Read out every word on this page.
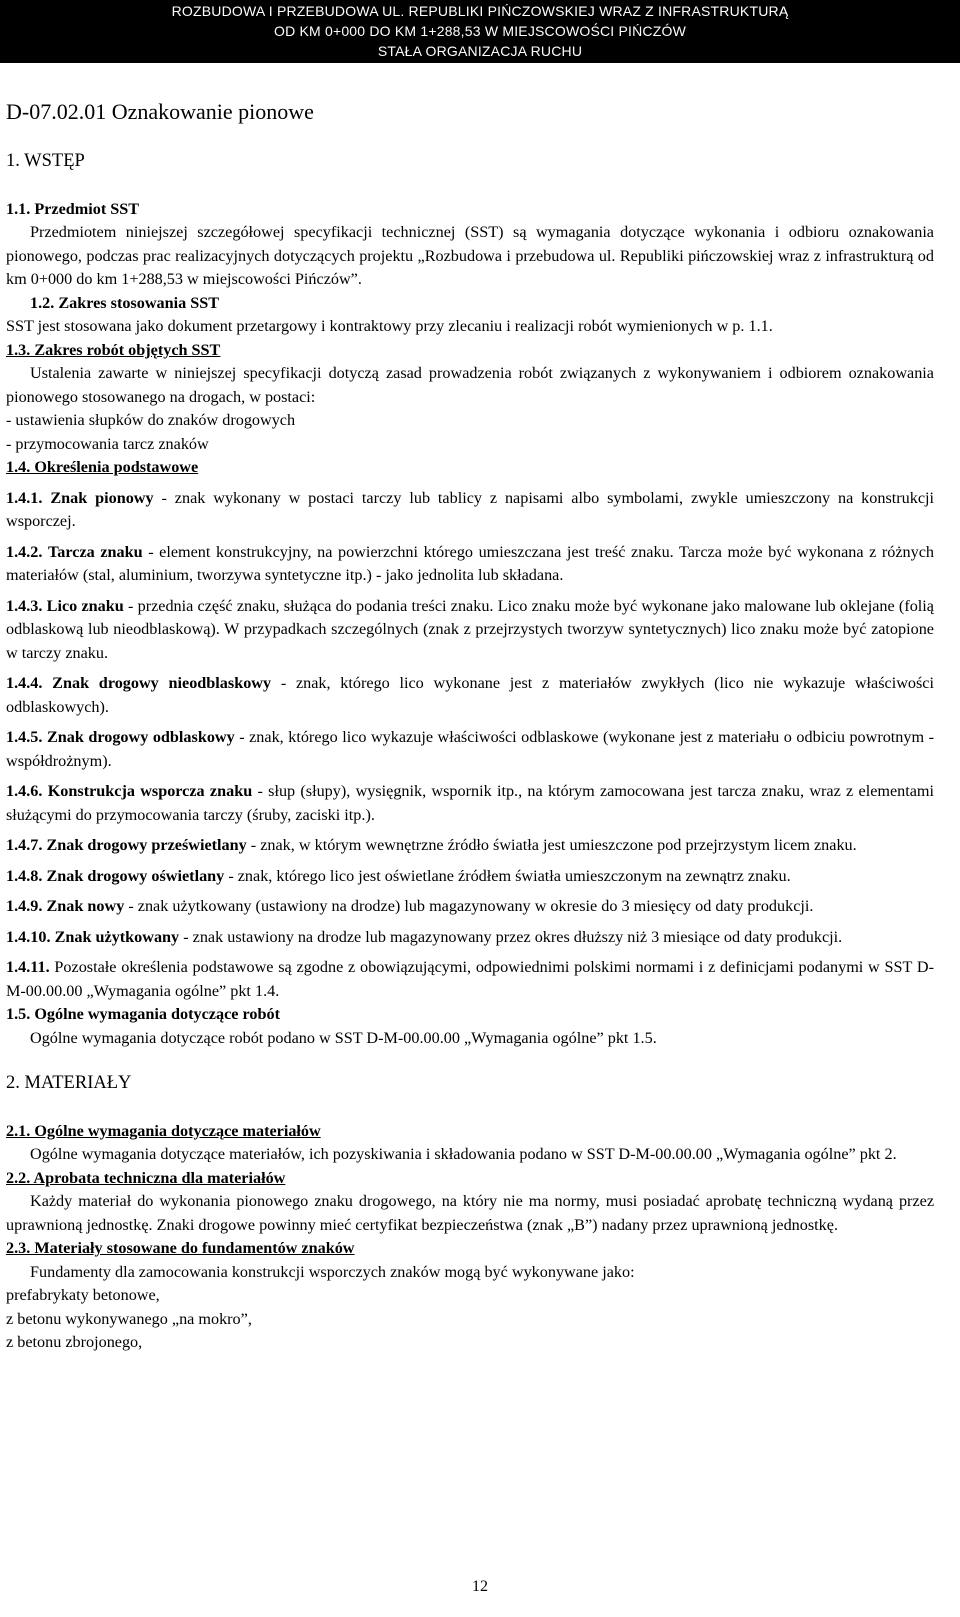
ROZBUDOWA I PRZEBUDOWA UL. REPUBLIKI PIŃCZOWSKIEJ WRAZ Z INFRASTRUKTURĄ
OD KM 0+000 DO KM 1+288,53 W MIEJSCOWOŚCI PIŃCZÓW
STAŁA ORGANIZACJA RUCHU
D-07.02.01 Oznakowanie pionowe

1. WSTĘP

1.1. Przedmiot SST

Przedmiotem niniejszej szczegółowej specyfikacji technicznej (SST) są wymagania dotyczące wykonania i odbioru oznakowania pionowego, podczas prac realizacyjnych dotyczących projektu „Rozbudowa i przebudowa ul. Republiki pińczowskiej wraz z infrastrukturą od km 0+000 do km 1+288,53 w miejscowości Pińczów”.

1.2. Zakres stosowania SST

SST jest stosowana jako dokument przetargowy i kontraktowy przy zlecaniu i realizacji robót wymienionych w p. 1.1.

1.3. Zakres robót objętych SST

Ustalenia zawarte w niniejszej specyfikacji dotyczą zasad prowadzenia robót związanych z wykonywaniem i odbiorem oznakowania pionowego stosowanego na drogach, w postaci:

- ustawienia słupków do znaków drogowych

- przymocowania tarcz znaków

1.4. Określenia podstawowe

1.4.1. Znak pionowy - znak wykonany w postaci tarczy lub tablicy z napisami albo symbolami, zwykle umieszczony na konstrukcji wsporczej.

1.4.2. Tarcza znaku - element konstrukcyjny, na powierzchni którego umieszczana jest treść znaku. Tarcza może być wykonana z różnych materiałów (stal, aluminium, tworzywa syntetyczne itp.) - jako jednolita lub składana.

1.4.3. Lico znaku - przednia część znaku, służąca do podania treści znaku. Lico znaku może być wykonane jako malowane lub oklejane (folią odblaskową lub nieodblaskową). W przypadkach szczególnych (znak z przejrzystych tworzyw syntetycznych) lico znaku może być zatopione w tarczy znaku.

1.4.4. Znak drogowy nieodblaskowy - znak, którego lico wykonane jest z materiałów zwykłych (lico nie wykazuje właściwości odblaskowych).

1.4.5. Znak drogowy odblaskowy - znak, którego lico wykazuje właściwości odblaskowe (wykonane jest z materiału o odbiciu powrotnym - współdrożnym).

1.4.6. Konstrukcja wsporcza znaku - słup (słupy), wysięgnik, wspornik itp., na którym zamocowana jest tarcza znaku, wraz z elementami służącymi do przymocowania tarczy (śruby, zaciski itp.).

1.4.7. Znak drogowy prześwietlany - znak, w którym wewnętrzne źródło światła jest umieszczone pod przejrzystym licem znaku.

1.4.8. Znak drogowy oświetlany - znak, którego lico jest oświetlane źródłem światła umieszczonym na zewnątrz znaku.

1.4.9. Znak nowy - znak użytkowany (ustawiony na drodze) lub magazynowany w okresie do 3 miesięcy od daty produkcji.

1.4.10. Znak użytkowany - znak ustawiony na drodze lub magazynowany przez okres dłuższy niż 3 miesiące od daty produkcji.

1.4.11. Pozostałe określenia podstawowe są zgodne z obowiązującymi, odpowiednimi polskimi normami i z definicjami podanymi w SST D-M-00.00.00 „Wymagania ogólne” pkt 1.4.

1.5. Ogólne wymagania dotyczące robót

Ogólne wymagania dotyczące robót podano w SST D-M-00.00.00 „Wymagania ogólne” pkt 1.5.

2. MATERIAŁY

2.1. Ogólne wymagania dotyczące materiałów

Ogólne wymagania dotyczące materiałów, ich pozyskiwania i składowania podano w SST D-M-00.00.00 „Wymagania ogólne” pkt 2.

2.2. Aprobata techniczna dla materiałów

Każdy materiał do wykonania pionowego znaku drogowego, na który nie ma normy, musi posiadać aprobatę techniczną wydaną przez uprawnioną jednostkę. Znaki drogowe powinny mieć certyfikat bezpieczeństwa (znak „B”) nadany przez uprawnioną jednostkę.

2.3. Materiały stosowane do fundamentów znaków

Fundamenty dla zamocowania konstrukcji wsporczych znaków mogą być wykonywane jako:

prefabrykaty betonowe,

z betonu wykonywanego „na mokro”,

z betonu zbrojonego,

12
